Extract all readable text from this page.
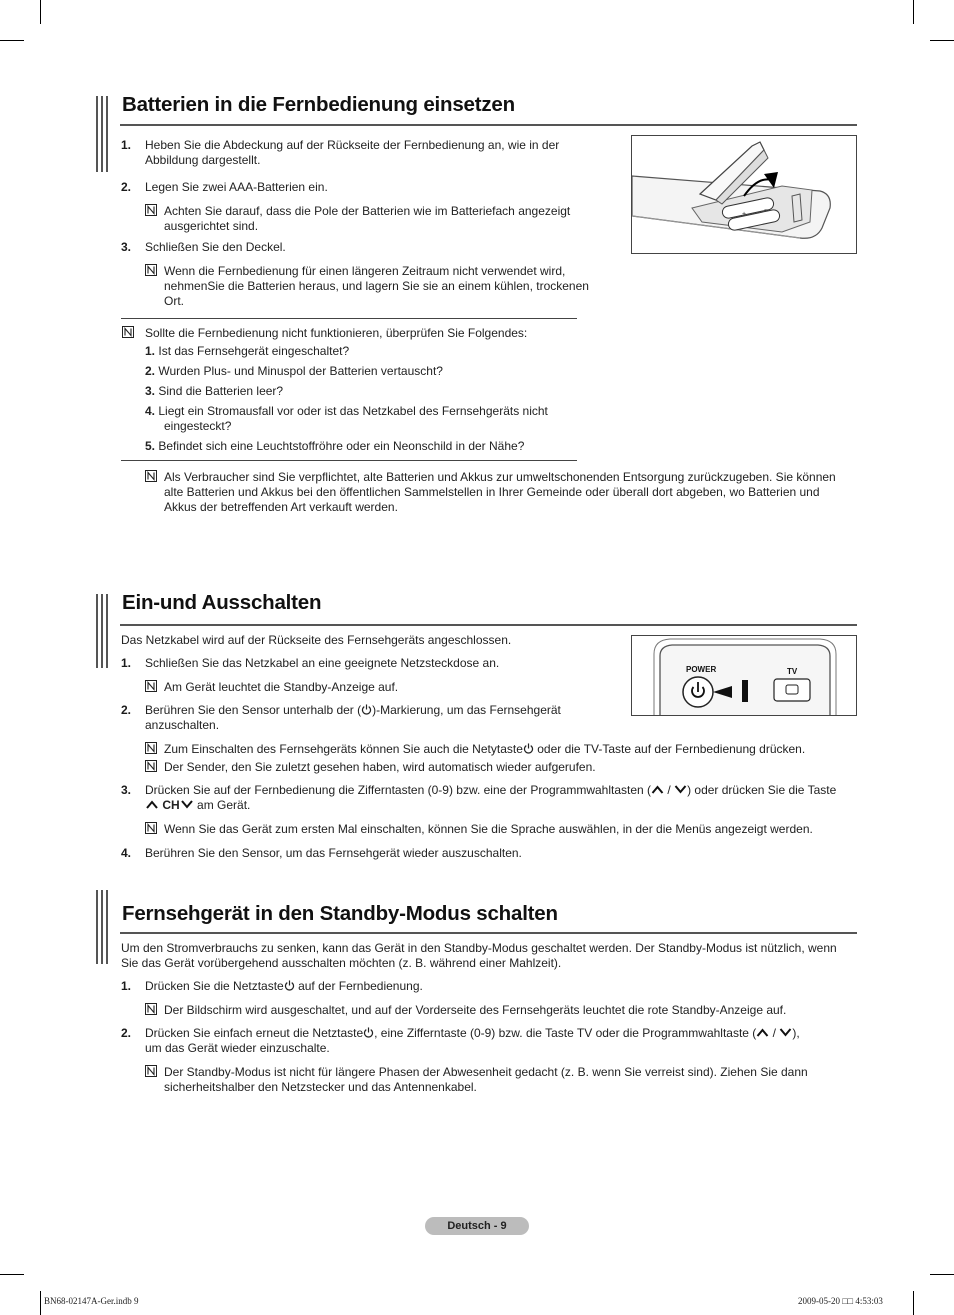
Batterien in die Fernbedienung einsetzen
1. Heben Sie die Abdeckung auf der Rückseite der Fernbedienung an, wie in der
Abbildung dargestellt.
2. Legen Sie zwei AAA-Batterien ein.
Achten Sie darauf, dass die Pole der Batterien wie im Batteriefach angezeigt
ausgerichtet sind.
3. Schließen Sie den Deckel.
Wenn die Fernbedienung für einen längeren Zeitraum nicht verwendet wird,
nehmenSie die Batterien heraus, und lagern Sie sie an einem kühlen, trockenen
Ort.
+
−
Sollte die Fernbedienung nicht funktionieren, überprüfen Sie Folgendes:
1. Ist das Fernsehgerät eingeschaltet?
2. Wurden Plus- und Minuspol der Batterien vertauscht?
3. Sind die Batterien leer?
4. Liegt ein Stromausfall vor oder ist das Netzkabel des Fernsehgeräts nicht
eingesteckt?
5. Befindet sich eine Leuchtstoffröhre oder ein Neonschild in der Nähe?
Als Verbraucher sind Sie verpflichtet, alte Batterien und Akkus zur umweltschonenden Entsorgung zurückzugeben. Sie können
alte Batterien und Akkus bei den öffentlichen Sammelstellen in Ihrer Gemeinde oder überall dort abgeben, wo Batterien und
Akkus der betreffenden Art verkauft werden.
Ein-und Ausschalten
Das Netzkabel wird auf der Rückseite des Fernsehgeräts angeschlossen.
1. Schließen Sie das Netzkabel an eine geeignete Netzsteckdose an.
Am Gerät leuchtet die Standby-Anzeige auf.
2. Berühren Sie den Sensor unterhalb der ( )-Markierung, um das Fernsehgerät
anzuschalten.
POWER	TV
Zum Einschalten des Fernsehgeräts können Sie auch die Netytaste oder die TV-Taste auf der Fernbedienung drücken.
Der Sender, den Sie zuletzt gesehen haben, wird automatisch wieder aufgerufen.
3. Drücken Sie auf der Fernbedienung die Zifferntasten (0-9) bzw. eine der Programmwahltasten ( / ) oder drücken Sie die Taste
CH am Gerät.
Wenn Sie das Gerät zum ersten Mal einschalten, können Sie die Sprache auswählen, in der die Menüs angezeigt werden.
4. Berühren Sie den Sensor, um das Fernsehgerät wieder auszuschalten.
Fernsehgerät in den Standby-Modus schalten
Um den Stromverbrauchs zu senken, kann das Gerät in den Standby-Modus geschaltet werden. Der Standby-Modus ist nützlich, wenn
Sie das Gerät vorübergehend ausschalten möchten (z. B. während einer Mahlzeit).
1. Drücken Sie die Netztaste auf der Fernbedienung.
Der Bildschirm wird ausgeschaltet, und auf der Vorderseite des Fernsehgeräts leuchtet die rote Standby-Anzeige auf.
2. Drücken Sie einfach erneut die Netztaste , eine Zifferntaste (0-9) bzw. die Taste TV oder die Programmwahltaste ( / ),
um das Gerät wieder einzuschalte.
Der Standby-Modus ist nicht für längere Phasen der Abwesenheit gedacht (z. B. wenn Sie verreist sind). Ziehen Sie dann
sicherheitshalber den Netzstecker und das Antennenkabel.
Deutsch - 9
BN68-02147A-Ger.indb 9	2009-05-20 □□ 4:53:03
